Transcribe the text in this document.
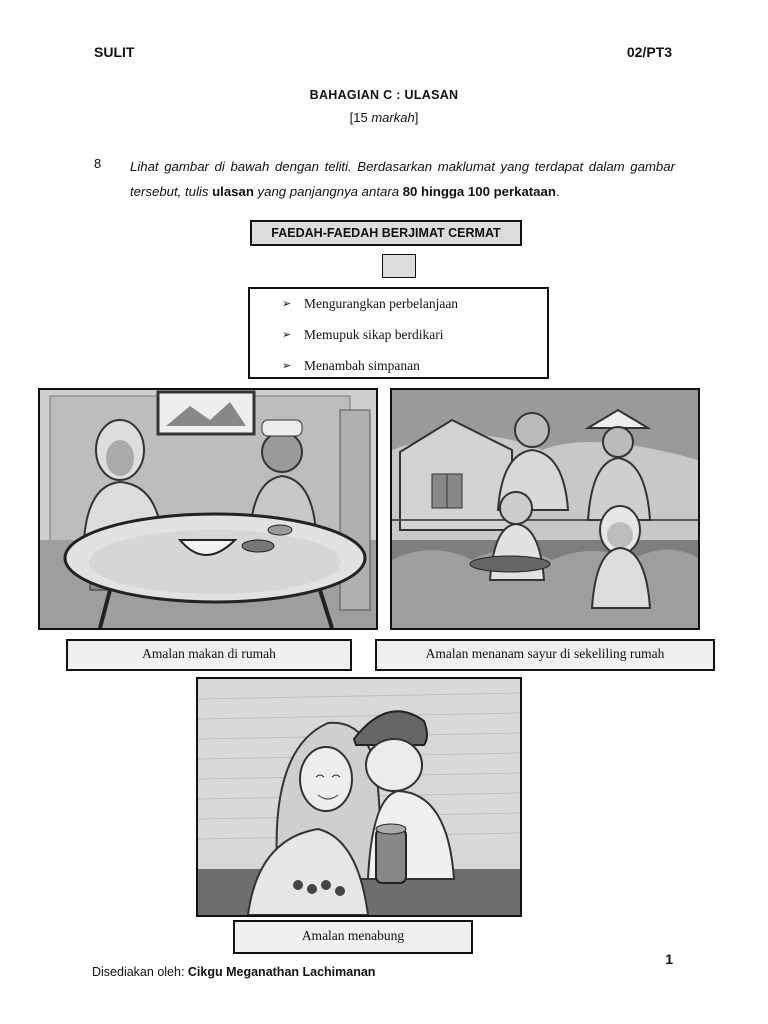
SULIT	02/PT3
BAHAGIAN C : ULASAN
[15 markah]
8 Lihat gambar di bawah dengan teliti. Berdasarkan maklumat yang terdapat dalam gambar tersebut, tulis ulasan yang panjangnya antara 80 hingga 100 perkataan.
FAEDAH-FAEDAH BERJIMAT CERMAT
➢ Mengurangkan perbelanjaan
➢ Memupuk sikap berdikari
➢ Menambah simpanan
Amalan makan di rumah	Amalan menanam sayur di sekeliling rumah
Amalan menabung
1
Disediakan oleh: Cikgu Meganathan Lachimanan
